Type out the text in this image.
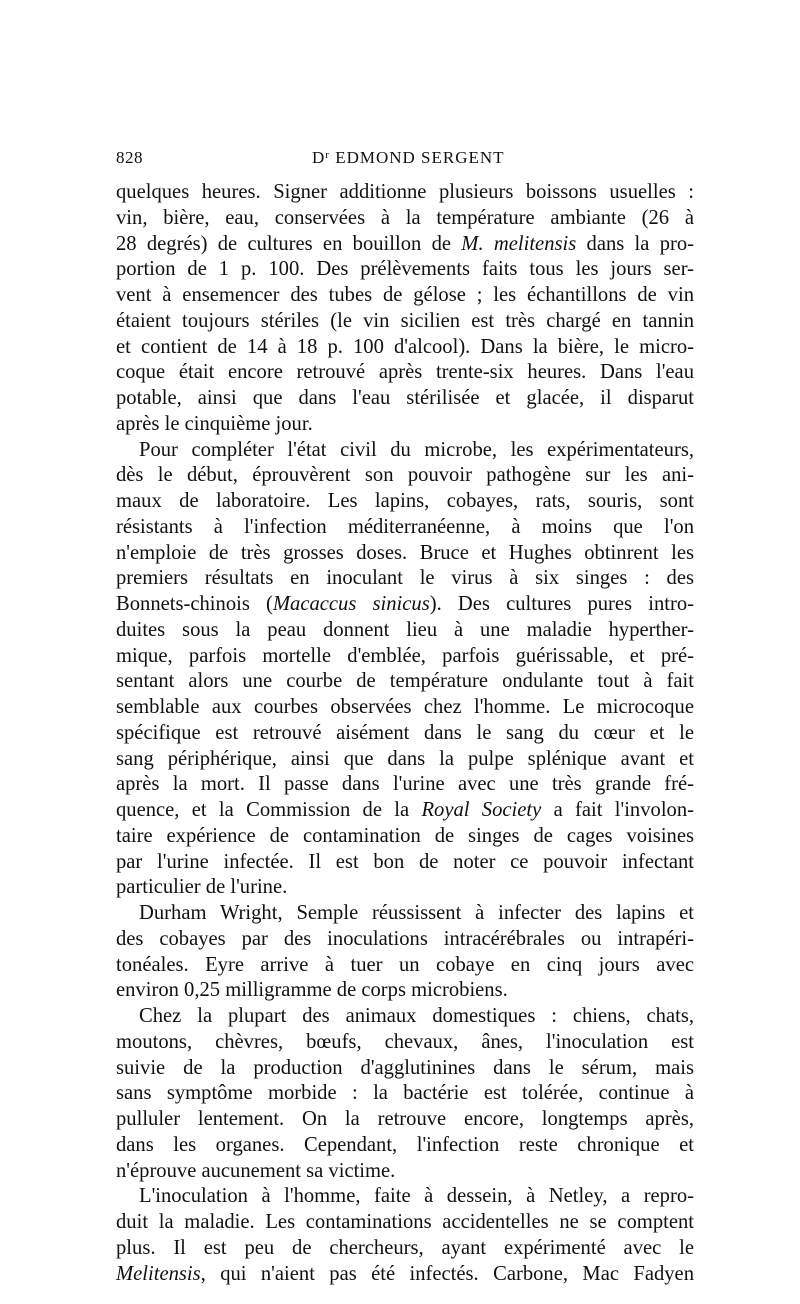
828	$D^r$ EDMOND SERGENT
quelques heures. Signer additionne plusieurs boissons usuelles :
vin, bière, eau, conservées à la température ambiante (26 à
28 degrés) de cultures en bouillon de M. melitensis dans la pro-
portion de 1 p. 100. Des prélèvements faits tous les jours ser-
vent à ensemencer des tubes de gélose ; les échantillons de vin
étaient toujours stériles (le vin sicilien est très chargé en tannin
et contient de 14 à 18 p. 100 d'alcool). Dans la bière, le micro-
coque était encore retrouvé après trente-six heures. Dans l'eau
potable, ainsi que dans l'eau stérilisée et glacée, il disparut
après le cinquième jour.
Pour compléter l'état civil du microbe, les expérimentateurs,
dès le début, éprouvèrent son pouvoir pathogène sur les ani-
maux de laboratoire. Les lapins, cobayes, rats, souris, sont
résistants à l'infection méditerranéenne, à moins que l'on
n'emploie de très grosses doses. Bruce et Hughes obtinrent les
premiers résultats en inoculant le virus à six singes : des
Bonnets-chinois (Macaccus sinicus). Des cultures pures intro-
duites sous la peau donnent lieu à une maladie hyperther-
mique, parfois mortelle d'emblée, parfois guérissable, et pré-
sentant alors une courbe de température ondulante tout à fait
semblable aux courbes observées chez l'homme. Le microcoque
spécifique est retrouvé aisément dans le sang du cœur et le
sang périphérique, ainsi que dans la pulpe splénique avant et
après la mort. Il passe dans l'urine avec une très grande fré-
quence, et la Commission de la Royal Society a fait l'involon-
taire expérience de contamination de singes de cages voisines
par l'urine infectée. Il est bon de noter ce pouvoir infectant
particulier de l'urine.
Durham Wright, Semple réussissent à infecter des lapins et
des cobayes par des inoculations intracérébrales ou intrapéri-
tonéales. Eyre arrive à tuer un cobaye en cinq jours avec
environ 0,25 milligramme de corps microbiens.
Chez la plupart des animaux domestiques : chiens, chats,
moutons, chèvres, bœufs, chevaux, ânes, l'inoculation est
suivie de la production d'agglutinines dans le sérum, mais
sans symptôme morbide : la bactérie est tolérée, continue à
pulluler lentement. On la retrouve encore, longtemps après,
dans les organes. Cependant, l'infection reste chronique et
n'éprouve aucunement sa victime.
L'inoculation à l'homme, faite à dessein, à Netley, a repro-
duit la maladie. Les contaminations accidentelles ne se comptent
plus. Il est peu de chercheurs, ayant expérimenté avec le
Melitensis, qui n'aient pas été infectés. Carbone, Mac Fadyen
